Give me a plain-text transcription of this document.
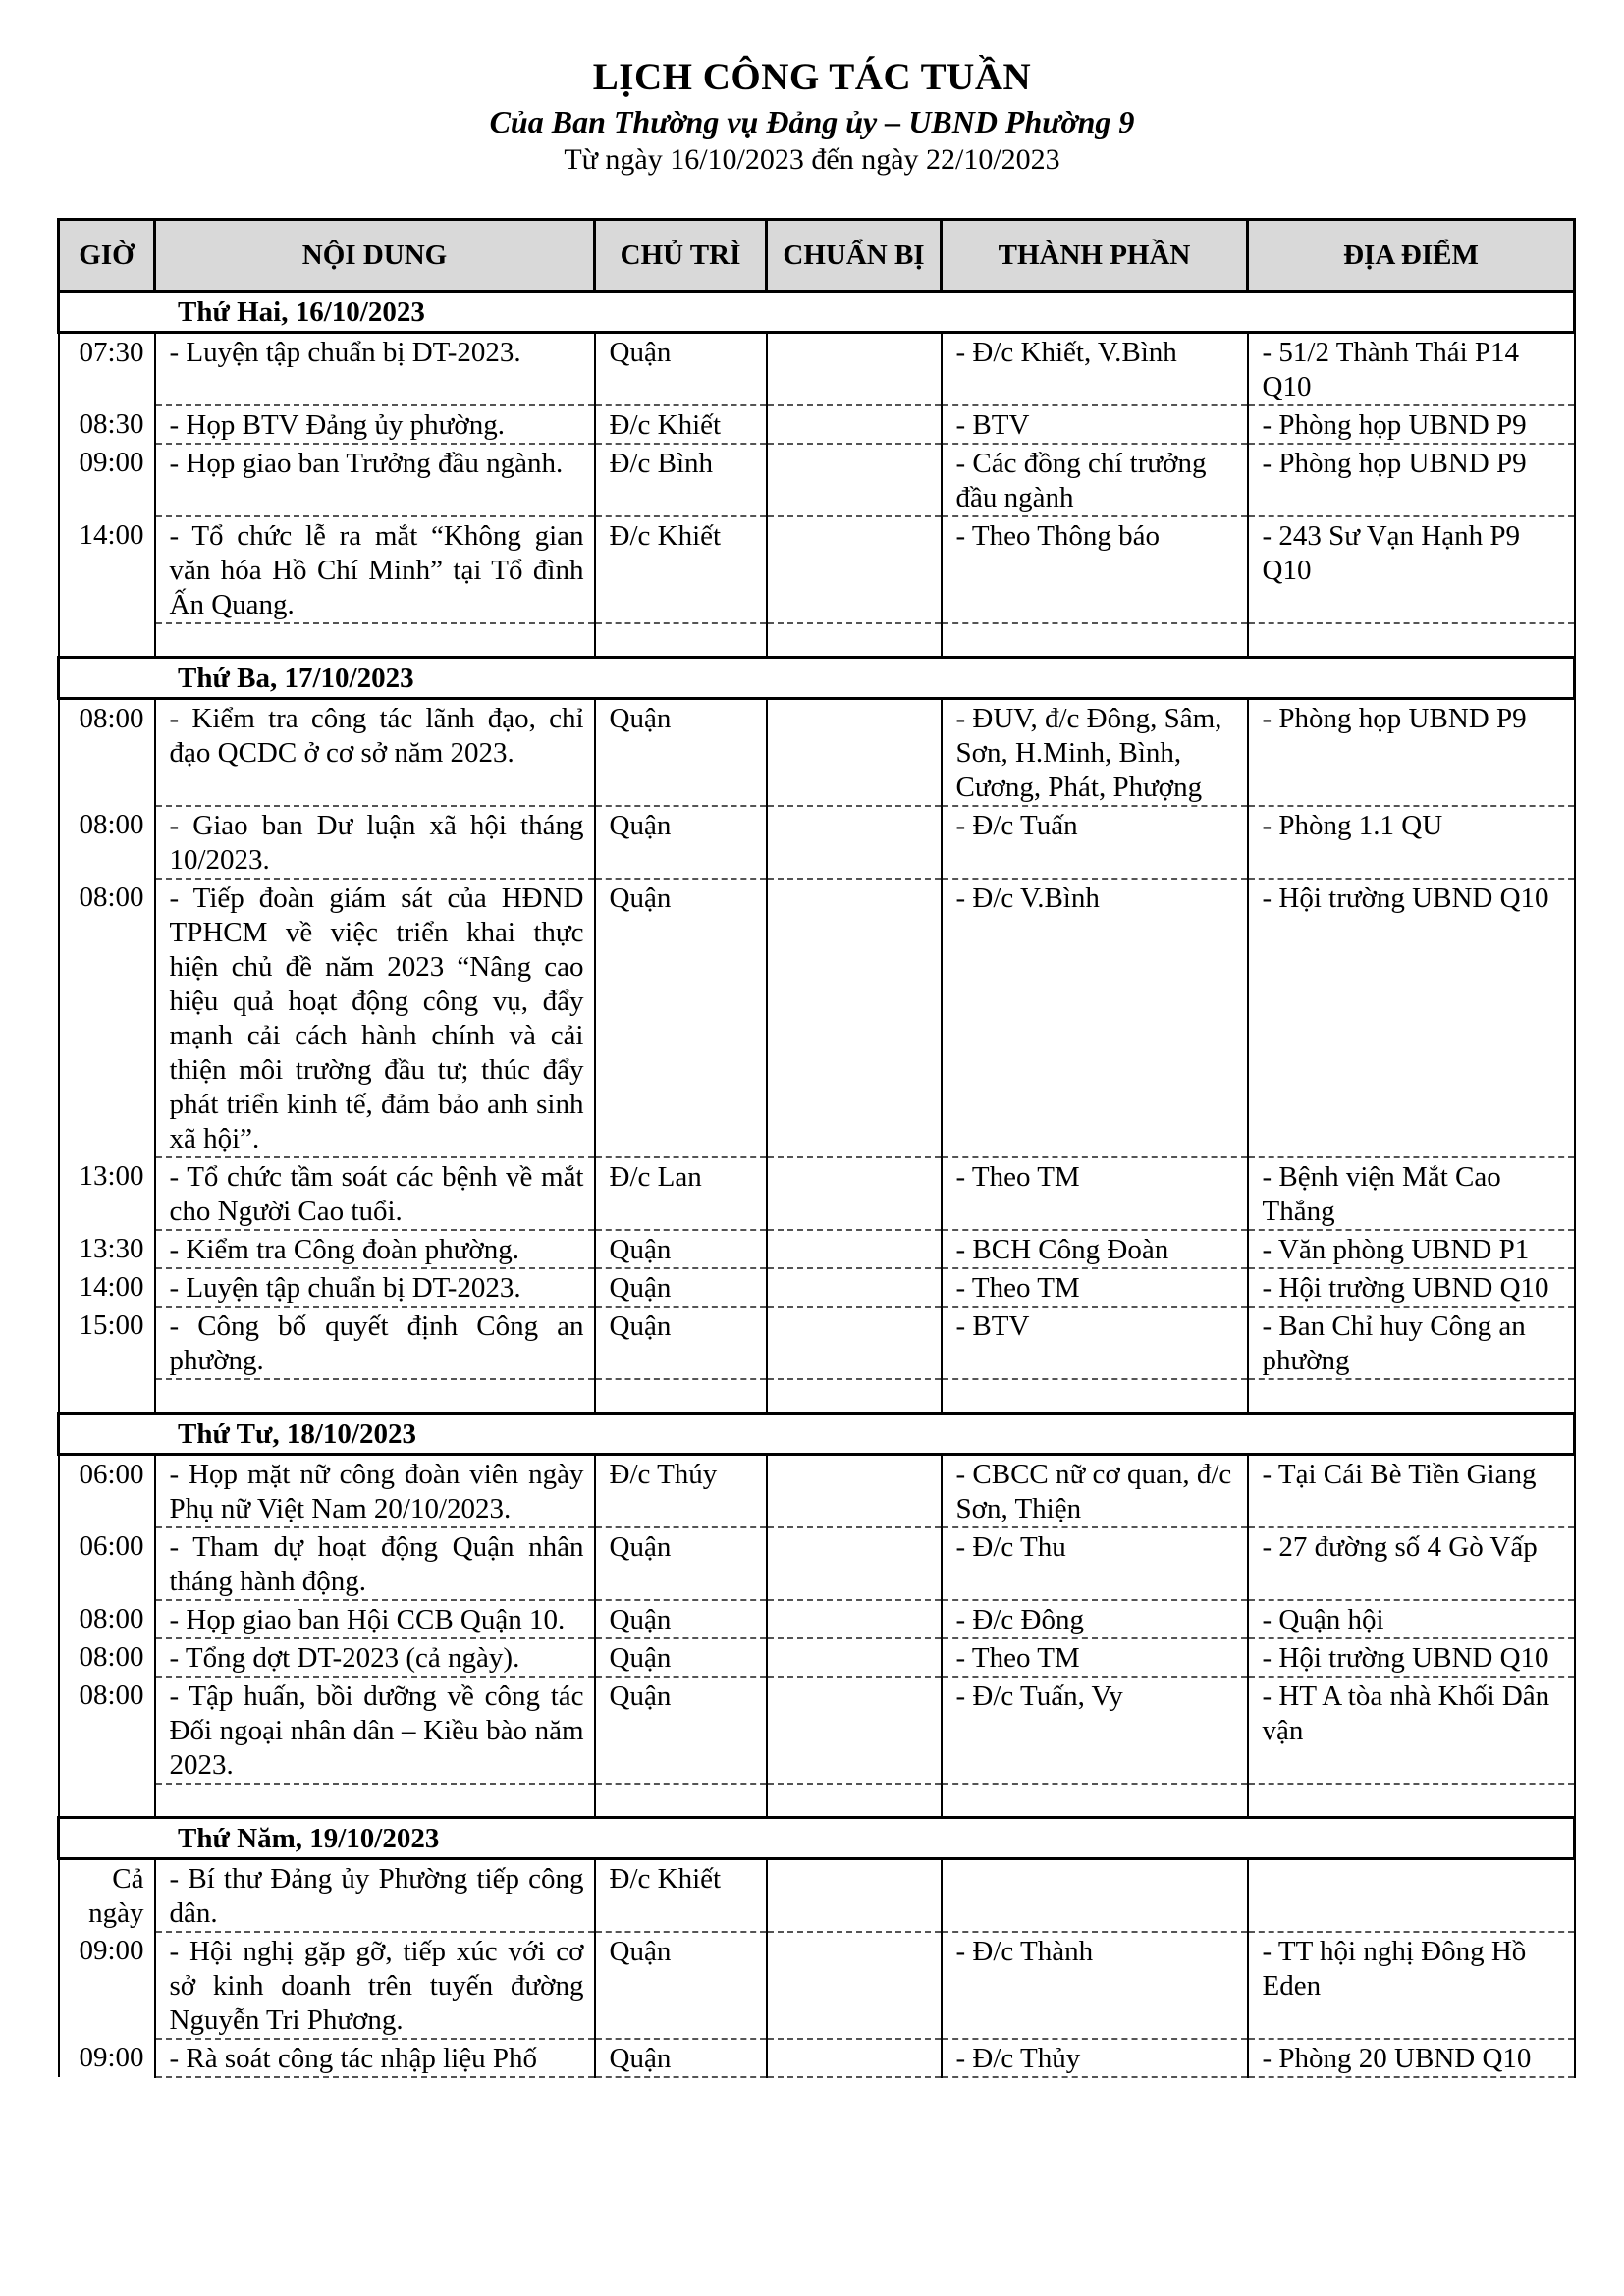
LỊCH CÔNG TÁC TUẦN
Của Ban Thường vụ Đảng ủy – UBND Phường 9
Từ ngày 16/10/2023 đến ngày 22/10/2023
GIỜ	NỘI DUNG	CHỦ TRÌ	CHUẨN BỊ	THÀNH PHẦN	ĐỊA ĐIỂM
Thứ Hai, 16/10/2023					
07:30	- Luyện tập chuẩn bị DT-2023.	Quận		- Đ/c Khiết, V.Bình	- 51/2 Thành Thái P14 Q10
08:30	- Họp BTV Đảng ủy phường.	Đ/c Khiết		- BTV	- Phòng họp UBND P9
09:00	- Họp giao ban Trưởng đầu ngành.	Đ/c Bình		- Các đồng chí trưởng đầu ngành	- Phòng họp UBND P9
14:00	- Tổ chức lễ ra mắt “Không gian văn hóa Hồ Chí Minh” tại Tổ đình Ấn Quang.	Đ/c Khiết		- Theo Thông báo	- 243 Sư Vạn Hạnh P9 Q10

Thứ Ba, 17/10/2023					
08:00	- Kiểm tra công tác lãnh đạo, chỉ đạo QCDC ở cơ sở năm 2023.	Quận		- ĐUV, đ/c Đông, Sâm, Sơn, H.Minh, Bình, Cương, Phát, Phượng	- Phòng họp UBND P9
08:00	- Giao ban Dư luận xã hội tháng 10/2023.	Quận		- Đ/c Tuấn	- Phòng 1.1 QU
08:00	- Tiếp đoàn giám sát của HĐND TPHCM về việc triển khai thực hiện chủ đề năm 2023 “Nâng cao hiệu quả hoạt động công vụ, đẩy mạnh cải cách hành chính và cải thiện môi trường đầu tư; thúc đẩy phát triển kinh tế, đảm bảo anh sinh xã hội”.	Quận		- Đ/c V.Bình	- Hội trường UBND Q10
13:00	- Tổ chức tầm soát các bệnh về mắt cho Người Cao tuổi.	Đ/c Lan		- Theo TM	- Bệnh viện Mắt Cao Thắng
13:30	- Kiểm tra Công đoàn phường.	Quận		- BCH Công Đoàn	- Văn phòng UBND P1
14:00	- Luyện tập chuẩn bị DT-2023.	Quận		- Theo TM	- Hội trường UBND Q10
15:00	- Công bố quyết định Công an phường.	Quận		- BTV	- Ban Chỉ huy Công an phường

Thứ Tư, 18/10/2023					
06:00	- Họp mặt nữ công đoàn viên ngày Phụ nữ Việt Nam 20/10/2023.	Đ/c Thúy		- CBCC nữ cơ quan, đ/c Sơn, Thiện	- Tại Cái Bè Tiền Giang
06:00	- Tham dự hoạt động Quận nhân tháng hành động.	Quận		- Đ/c Thu	- 27 đường số 4 Gò Vấp
08:00	- Họp giao ban Hội CCB Quận 10.	Quận		- Đ/c Đông	- Quận hội
08:00	- Tổng dợt DT-2023 (cả ngày).	Quận		- Theo TM	- Hội trường UBND Q10
08:00	- Tập huấn, bồi dưỡng về công tác Đối ngoại nhân dân – Kiều bào năm 2023.	Quận		- Đ/c Tuấn, Vy	- HT A tòa nhà Khối Dân vận

Thứ Năm, 19/10/2023					
Cả ngày	- Bí thư Đảng ủy Phường tiếp công dân.	Đ/c Khiết			
09:00	- Hội nghị gặp gỡ, tiếp xúc với cơ sở kinh doanh trên tuyến đường Nguyễn Tri Phương.	Quận		- Đ/c Thành	- TT hội nghị Đông Hồ Eden
09:00	- Rà soát công tác nhập liệu Phố	Quận		- Đ/c Thủy	- Phòng 20 UBND Q10
